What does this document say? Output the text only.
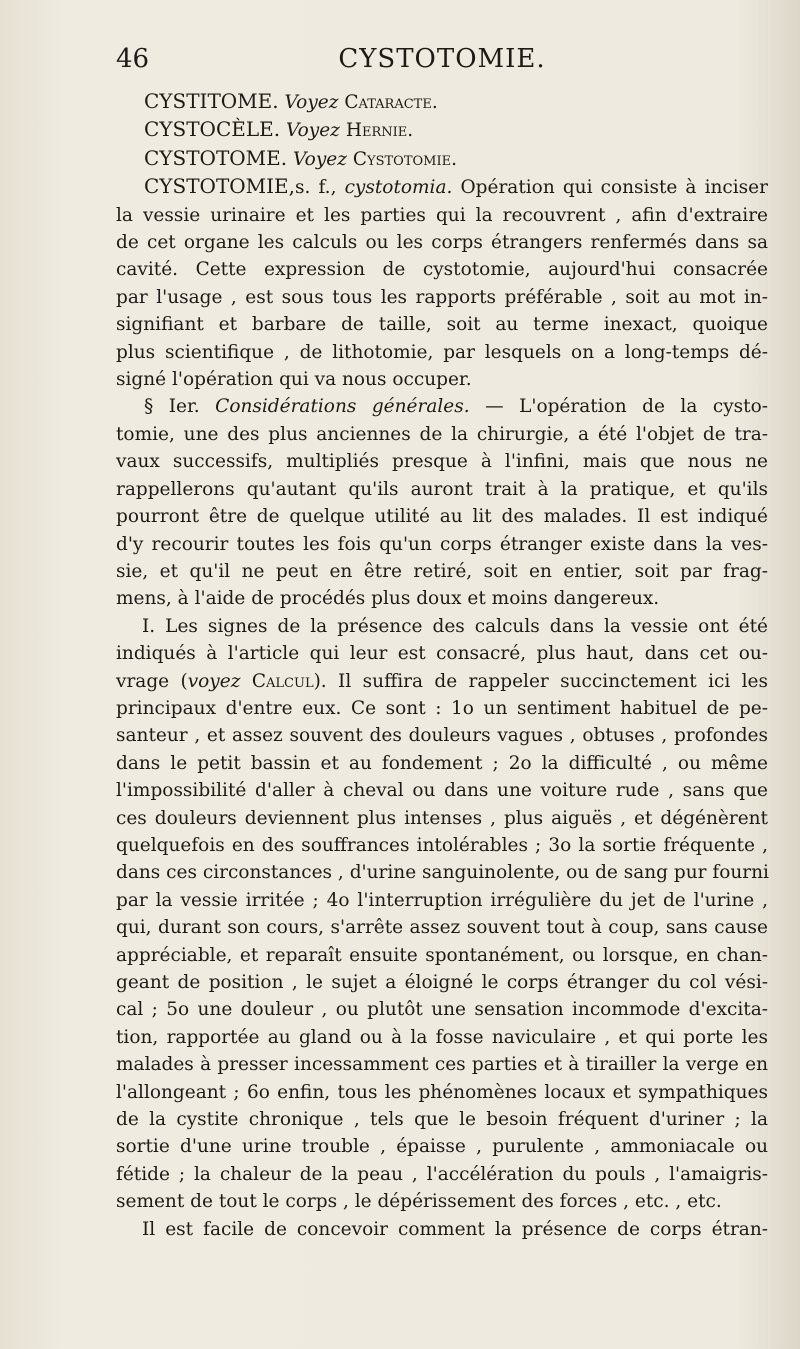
46	CYSTOTOMIE.
CYSTITOME. Voyez Cataracte.
CYSTOCÈLE. Voyez Hernie.
CYSTOTOME. Voyez Cystotomie.
CYSTOTOMIE,s. f., cystotomia. Opération qui consiste à inciser
la vessie urinaire et les parties qui la recouvrent , afin d'extraire
de cet organe les calculs ou les corps étrangers renfermés dans sa
cavité. Cette expression de cystotomie, aujourd'hui consacrée
par l'usage , est sous tous les rapports préférable , soit au mot in-
signifiant et barbare de taille, soit au terme inexact, quoique
plus scientifique , de lithotomie, par lesquels on a long-temps dé-
signé l'opération qui va nous occuper.
§ Ier. Considérations générales. — L'opération de la cysto-
tomie, une des plus anciennes de la chirurgie, a été l'objet de tra-
vaux successifs, multipliés presque à l'infini, mais que nous ne
rappellerons qu'autant qu'ils auront trait à la pratique, et qu'ils
pourront être de quelque utilité au lit des malades. Il est indiqué
d'y recourir toutes les fois qu'un corps étranger existe dans la ves-
sie, et qu'il ne peut en être retiré, soit en entier, soit par frag-
mens, à l'aide de procédés plus doux et moins dangereux.
I. Les signes de la présence des calculs dans la vessie ont été
indiqués à l'article qui leur est consacré, plus haut, dans cet ou-
vrage (voyez Calcul). Il suffira de rappeler succinctement ici les
principaux d'entre eux. Ce sont : 1o un sentiment habituel de pe-
santeur , et assez souvent des douleurs vagues , obtuses , profondes
dans le petit bassin et au fondement ; 2o la difficulté , ou même
l'impossibilité d'aller à cheval ou dans une voiture rude , sans que
ces douleurs deviennent plus intenses , plus aiguës , et dégénèrent
quelquefois en des souffrances intolérables ; 3o la sortie fréquente ,
dans ces circonstances , d'urine sanguinolente, ou de sang pur fourni
par la vessie irritée ; 4o l'interruption irrégulière du jet de l'urine ,
qui, durant son cours, s'arrête assez souvent tout à coup, sans cause
appréciable, et reparaît ensuite spontanément, ou lorsque, en chan-
geant de position , le sujet a éloigné le corps étranger du col vési-
cal ; 5o une douleur , ou plutôt une sensation incommode d'excita-
tion, rapportée au gland ou à la fosse naviculaire , et qui porte les
malades à presser incessamment ces parties et à tirailler la verge en
l'allongeant ; 6o enfin, tous les phénomènes locaux et sympathiques
de la cystite chronique , tels que le besoin fréquent d'uriner ; la
sortie d'une urine trouble , épaisse , purulente , ammoniacale ou
fétide ; la chaleur de la peau , l'accélération du pouls , l'amaigris-
sement de tout le corps , le dépérissement des forces , etc. , etc.
Il est facile de concevoir comment la présence de corps étran-
